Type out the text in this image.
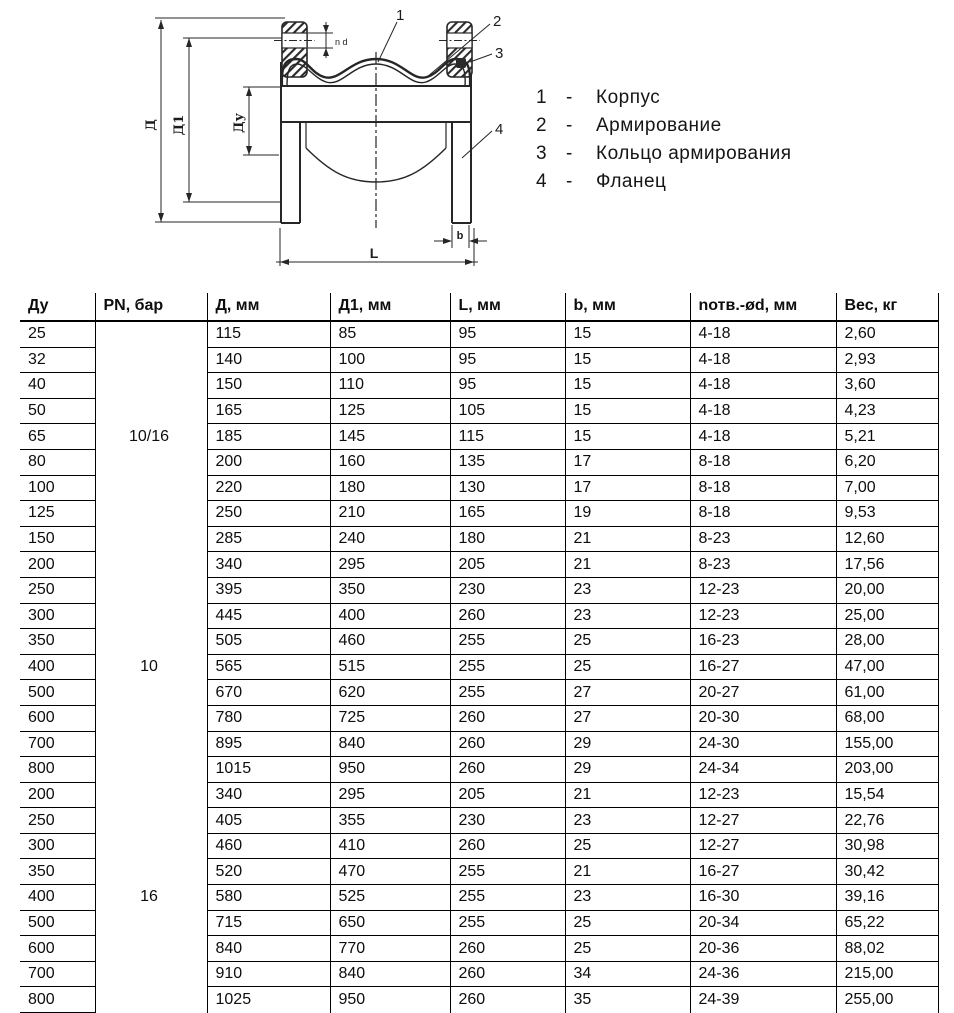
Д Д1	Ду
n d
b
L
1	2
3
4
1	-	Корпус
2	-	Армирование
3	-	Кольцо армирования
4	-	Фланец
Ду	PN, бар	Д, мм	Д1, мм	L, мм	b, мм	nотв.-ød, мм	Вес, кг
25	10/16	115	85	95	15	4-18	2,60
32		140	100	95	15	4-18	2,93
40		150	110	95	15	4-18	3,60
50		165	125	105	15	4-18	4,23
65		185	145	115	15	4-18	5,21
80		200	160	135	17	8-18	6,20
100		220	180	130	17	8-18	7,00
125		250	210	165	19	8-18	9,53
150		285	240	180	21	8-23	12,60
200	10	340	295	205	21	8-23	17,56
250		395	350	230	23	12-23	20,00
300		445	400	260	23	12-23	25,00
350		505	460	255	25	16-23	28,00
400		565	515	255	25	16-27	47,00
500		670	620	255	27	20-27	61,00
600		780	725	260	27	20-30	68,00
700		895	840	260	29	24-30	155,00
800		1015	950	260	29	24-34	203,00
200	16	340	295	205	21	12-23	15,54
250		405	355	230	23	12-27	22,76
300		460	410	260	25	12-27	30,98
350		520	470	255	21	16-27	30,42
400		580	525	255	23	16-30	39,16
500		715	650	255	25	20-34	65,22
600		840	770	260	25	20-36	88,02
700		910	840	260	34	24-36	215,00
800		1025	950	260	35	24-39	255,00
